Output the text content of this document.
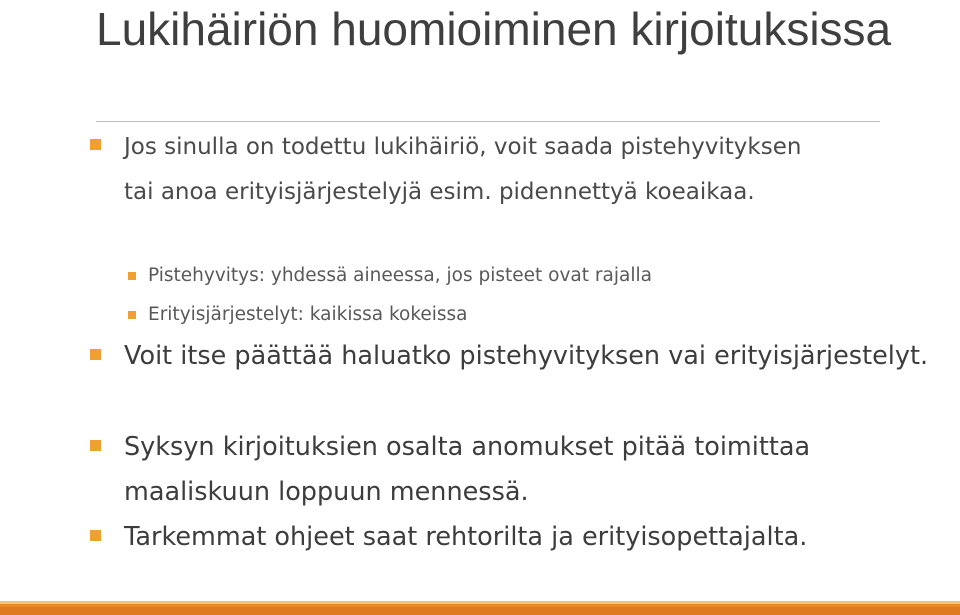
Lukihäiriön huomioiminen kirjoituksissa
Jos sinulla on todettu lukihäiriö, voit saada pistehyvityksen tai anoa erityisjärjestelyjä esim. pidennettyä koeaikaa.
Pistehyvitys: yhdessä aineessa, jos pisteet ovat rajalla
Erityisjärjestelyt: kaikissa kokeissa
Voit itse päättää haluatko pistehyvityksen vai erityisjärjestelyt.
Syksyn kirjoituksien osalta anomukset pitää toimittaa maaliskuun loppuun mennessä.
Tarkemmat ohjeet saat rehtorilta ja erityisopettajalta.
